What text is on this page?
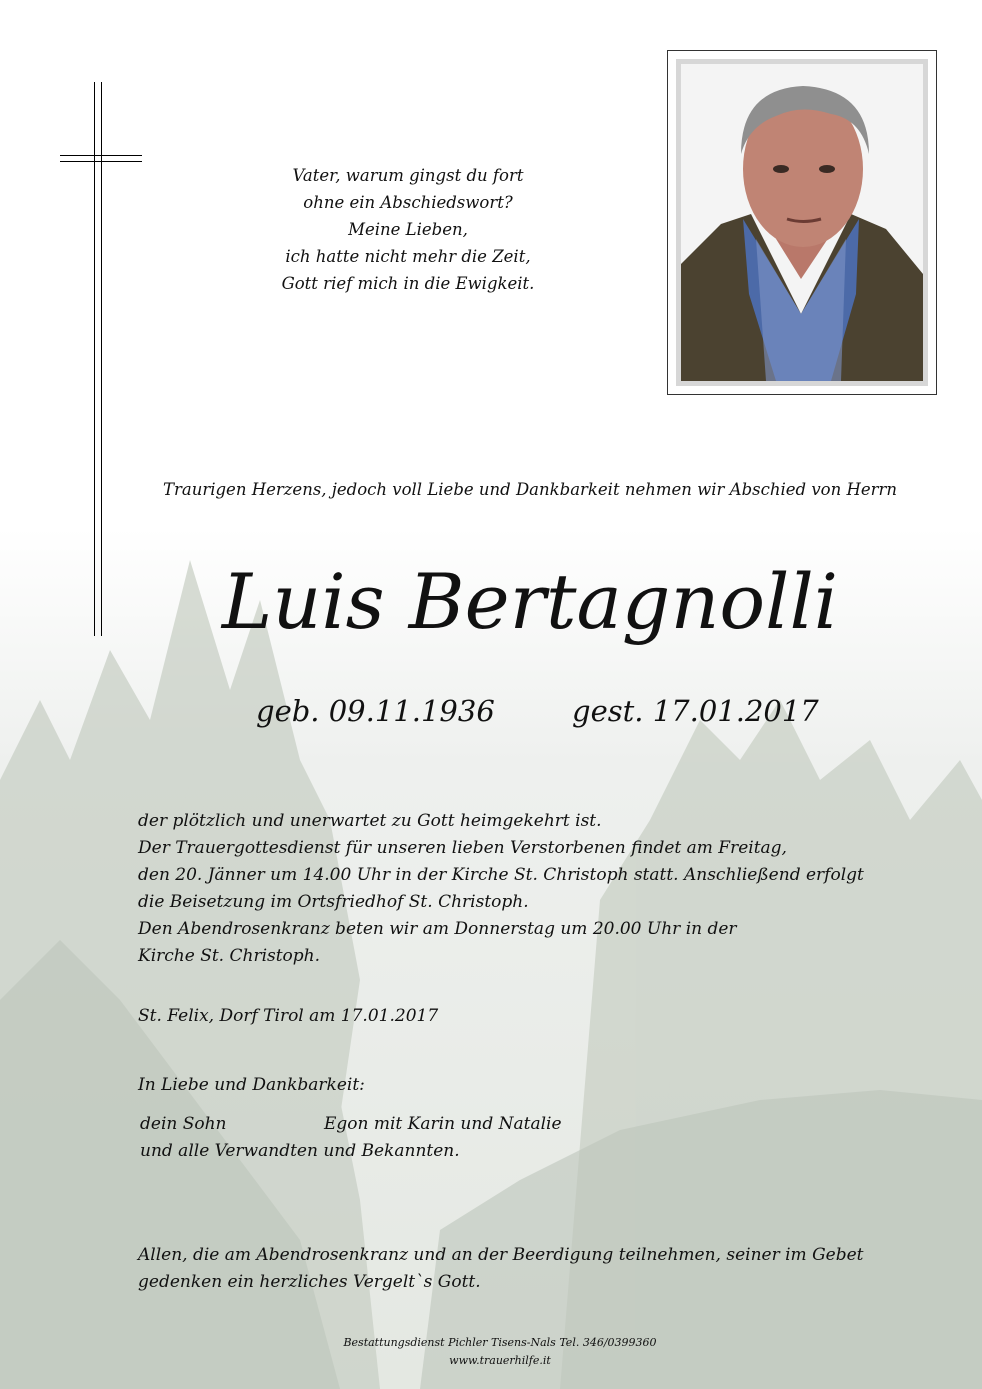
Vater, warum gingst du fort
ohne ein Abschiedswort?
Meine Lieben,
ich hatte nicht mehr die Zeit,
Gott rief mich in die Ewigkeit.
Traurigen Herzens, jedoch voll Liebe und Dankbarkeit nehmen wir Abschied von Herrn
Luis Bertagnolli
geb. 09.11.1936	gest. 17.01.2017
der plötzlich und unerwartet zu Gott heimgekehrt ist.
Der Trauergottesdienst für unseren lieben Verstorbenen findet am Freitag,
den 20. Jänner um 14.00 Uhr in der Kirche St. Christoph statt. Anschließend erfolgt
die Beisetzung im Ortsfriedhof St. Christoph.
Den Abendrosenkranz beten wir am Donnerstag um 20.00 Uhr in der
Kirche St. Christoph.
St. Felix, Dorf Tirol am 17.01.2017
In Liebe und Dankbarkeit:
dein Sohn	Egon mit Karin und Natalie
und alle Verwandten und Bekannten.
Allen, die am Abendrosenkranz und an der Beerdigung teilnehmen, seiner im Gebet
gedenken ein herzliches Vergelt`s Gott.
Bestattungsdienst Pichler Tisens-Nals Tel. 346/0399360
www.trauerhilfe.it
